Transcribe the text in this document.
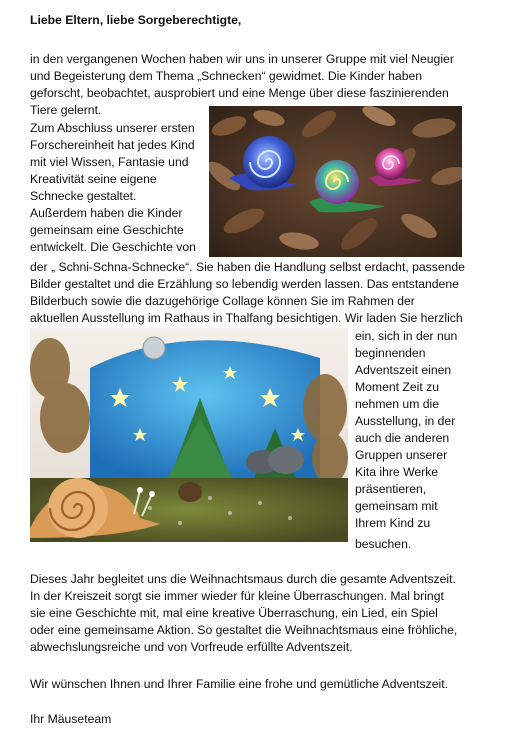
Liebe Eltern, liebe Sorgeberechtigte,
in den vergangenen Wochen haben wir uns in unserer Gruppe mit viel Neugier
und Begeisterung dem Thema „Schnecken“ gewidmet. Die Kinder haben
geforscht, beobachtet, ausprobiert und eine Menge über diese faszinierenden
Tiere gelernt.
Zum Abschluss unserer ersten
Forschereinheit hat jedes Kind
mit viel Wissen, Fantasie und
Kreativität seine eigene
Schnecke gestaltet.
Außerdem haben die Kinder
gemeinsam eine Geschichte
entwickelt. Die Geschichte von
der „ Schni-Schna-Schnecke“. Sie haben die Handlung selbst erdacht, passende
Bilder gestaltet und die Erzählung so lebendig werden lassen. Das entstandene
Bilderbuch sowie die dazugehörige Collage können Sie im Rahmen der
aktuellen Ausstellung im Rathaus in Thalfang besichtigen. Wir laden Sie herzlich
ein, sich in der nun
beginnenden
Adventszeit einen
Moment Zeit zu
nehmen um die
Ausstellung, in der
auch die anderen
Gruppen unserer
Kita ihre Werke
präsentieren,
gemeinsam mit
Ihrem Kind zu
besuchen.
Dieses Jahr begleitet uns die Weihnachtsmaus durch die gesamte Adventszeit.
In der Kreiszeit sorgt sie immer wieder für kleine Überraschungen. Mal bringt
sie eine Geschichte mit, mal eine kreative Überraschung, ein Lied, ein Spiel
oder eine gemeinsame Aktion. So gestaltet die Weihnachtsmaus eine fröhliche,
abwechslungsreiche und von Vorfreude erfüllte Adventszeit.
Wir wünschen Ihnen und Ihrer Familie eine frohe und gemütliche Adventszeit.
Ihr Mäuseteam
